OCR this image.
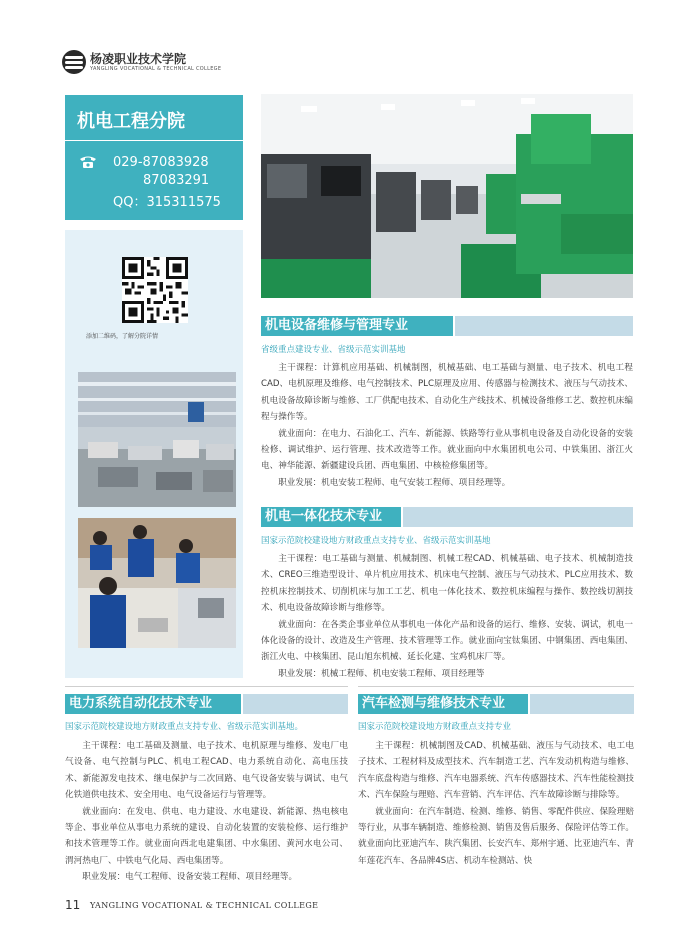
杨凌职业技术学院
YANGLING VOCATIONAL & TECHNICAL COLLEGE
机电工程分院
029-87083928
87083291
QQ：315311575
添加二维码，了解分院详情
机电设备维修与管理专业
省级重点建设专业、省级示范实训基地

主干课程：计算机应用基础、机械制图，机械基础、电工基础与测量、电子技术、机电工程CAD、电机原理及维修、电气控制技术、PLC原理及应用、传感器与检测技术、液压与气动技术、机电设备故障诊断与维修、工厂供配电技术、自动化生产线技术、机械设备维修工艺、数控机床编程与操作等。

就业面向：在电力、石油化工、汽车、新能源、铁路等行业从事机电设备及自动化设备的安装检修、调试维护、运行管理、技术改造等工作。就业面向中水集团机电公司、中铁集团、浙江火电、神华能源、新疆建设兵团、西电集团、中核检修集团等。

职业发展：机电安装工程师、电气安装工程师、项目经理等。

机电一体化技术专业
国家示范院校建设地方财政重点支持专业、省级示范实训基地

主干课程：电工基础与测量、机械制图、机械工程CAD、机械基础、电子技术、机械制造技术、CREO三维造型设计、单片机应用技术、机床电气控制、液压与气动技术、PLC应用技术、数控机床控制技术、切削机床与加工工艺、机电一体化技术、数控机床编程与操作、数控线切割技术、机电设备故障诊断与维修等。

就业面向：在各类企事业单位从事机电一体化产品和设备的运行、维修、安装、调试，机电一体化设备的设计、改造及生产管理、技术管理等工作。就业面向宝钛集团、中钢集团、西电集团、浙江火电、中核集团、昆山旭东机械、延长化建、宝鸡机床厂等。

职业发展：机械工程师、机电安装工程师、项目经理等

电力系统自动化技术专业
国家示范院校建设地方财政重点支持专业、省级示范实训基地。

主干课程：电工基础及测量、电子技术、电机原理与维修、发电厂电气设备、电气控制与PLC、机电工程CAD、电力系统自动化、高电压技术、新能源发电技术、继电保护与二次回路、电气设备安装与调试、电气化铁道供电技术、安全用电、电气设备运行与管理等。

就业面向：在发电、供电、电力建设、水电建设、新能源、热电核电等企、事业单位从事电力系统的建设、自动化装置的安装检修、运行维护和技术管理等工作。就业面向西北电建集团、中水集团、黄河水电公司、渭河热电厂、中铁电气化局、西电集团等。

职业发展：电气工程师、设备安装工程师、项目经理等。

汽车检测与维修技术专业
国家示范院校建设地方财政重点支持专业

主干课程：机械制图及CAD、机械基础、液压与气动技术、电工电子技术、工程材料及成型技术、汽车制造工艺、汽车发动机构造与维修、汽车底盘构造与维修、汽车电器系统、汽车传感器技术、汽车性能检测技术、汽车保险与理赔、汽车营销、汽车评估、汽车故障诊断与排除等。

就业面向：在汽车制造、检测、维修、销售、零配件供应、保险理赔等行业，从事车辆制造、维修检测、销售及售后服务、保险评估等工作。就业面向比亚迪汽车、陕汽集团、长安汽车、郑州宇通、比亚迪汽车、青年莲花汽车、各品牌4S店、机动车检测站、快

11 YANGLING VOCATIONAL & TECHNICAL COLLEGE
